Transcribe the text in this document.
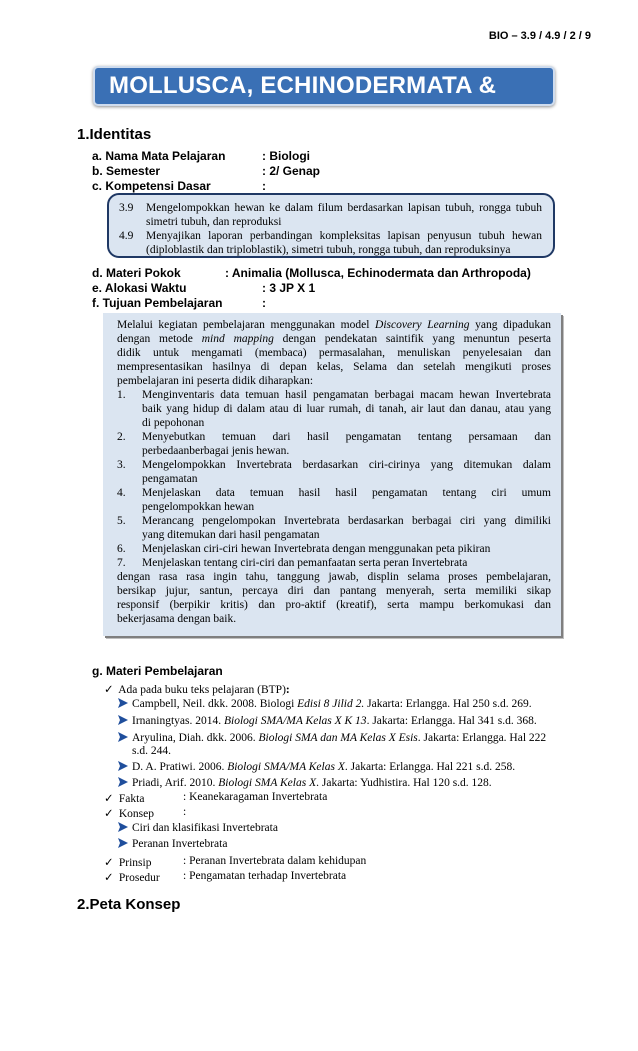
BIO – 3.9 / 4.9 / 2 / 9
MOLLUSCA, ECHINODERMATA &
1.Identitas
a. Nama Mata Pelajaran	: Biologi
b. Semester	: 2/ Genap
c. Kompetensi Dasar	:
3.9 Mengelompokkan hewan ke dalam filum berdasarkan lapisan tubuh, rongga tubuh
simetri tubuh, dan reproduksi
4.9 Menyajikan laporan perbandingan kompleksitas lapisan penyusun tubuh hewan
(diploblastik dan triploblastik), simetri tubuh, rongga tubuh, dan reproduksinya
d. Materi Pokok	: Animalia (Mollusca, Echinodermata dan Arthropoda)
e. Alokasi Waktu	: 3 JP X 1
f. Tujuan Pembelajaran	:
Melalui kegiatan pembelajaran menggunakan model Discovery Learning yang dipadukan
dengan metode mind mapping dengan pendekatan saintifik yang menuntun peserta
didik untuk mengamati (membaca) permasalahan, menuliskan penyelesaian dan
mempresentasikan hasilnya di depan kelas, Selama dan setelah mengikuti proses
pembelajaran ini peserta didik diharapkan:
1. Menginventaris data temuan hasil pengamatan berbagai macam hewan Invertebrata
baik yang hidup di dalam atau di luar rumah, di tanah, air laut dan danau, atau yang
di pepohonan
2. Menyebutkan temuan dari hasil pengamatan tentang persamaan dan
perbedaanberbagai jenis hewan.
3. Mengelompokkan Invertebrata berdasarkan ciri-cirinya yang ditemukan dalam
pengamatan
4. Menjelaskan data temuan hasil hasil pengamatan tentang ciri umum
pengelompokkan hewan
5. Merancang pengelompokan Invertebrata berdasarkan berbagai ciri yang dimiliki
yang ditemukan dari hasil pengamatan
6. Menjelaskan ciri-ciri hewan Invertebrata dengan menggunakan peta pikiran
7. Menjelaskan tentang ciri-ciri dan pemanfaatan serta peran Invertebrata
dengan rasa rasa ingin tahu, tanggung jawab, displin selama proses pembelajaran,
bersikap jujur, santun, percaya diri dan pantang menyerah, serta memiliki sikap
responsif (berpikir kritis) dan pro-aktif (kreatif), serta mampu berkomukasi dan
bekerjasama dengan baik.
g. Materi Pembelajaran
✓ Ada pada buku teks pelajaran (BTP):
Campbell, Neil. dkk. 2008. Biologi Edisi 8 Jilid 2. Jakarta: Erlangga. Hal 250 s.d. 269.
Irnaningtyas. 2014. Biologi SMA/MA Kelas X K 13. Jakarta: Erlangga. Hal 341 s.d. 368.
Aryulina, Diah. dkk. 2006. Biologi SMA dan MA Kelas X Esis. Jakarta: Erlangga. Hal 222
s.d. 244.
D. A. Pratiwi. 2006. Biologi SMA/MA Kelas X. Jakarta: Erlangga. Hal 221 s.d. 258.
Priadi, Arif. 2010. Biologi SMA Kelas X. Jakarta: Yudhistira. Hal 120 s.d. 128.
✓ Fakta	: Keanekaragaman Invertebrata
✓ Konsep	:
Ciri dan klasifikasi Invertebrata
Peranan Invertebrata
✓ Prinsip	: Peranan Invertebrata dalam kehidupan
✓ Prosedur : Pengamatan terhadap Invertebrata
2.Peta Konsep
